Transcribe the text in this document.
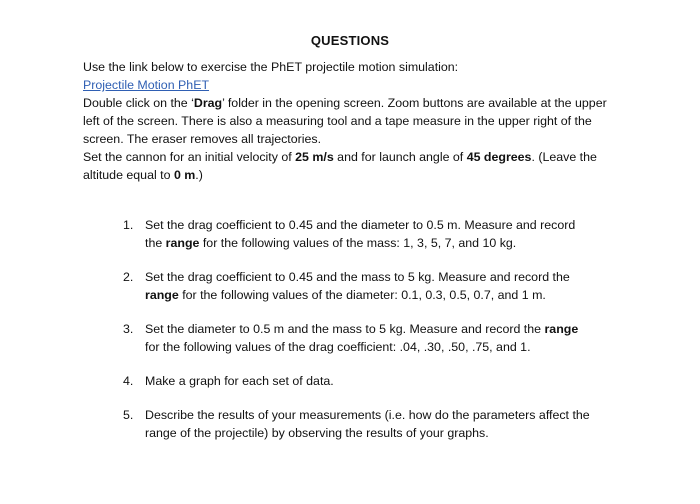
QUESTIONS

Use the link below to exercise the PhET projectile motion simulation:

Projectile Motion PhET

Double click on the ‘Drag’ folder in the opening screen. Zoom buttons are available at the upper left of the screen. There is also a measuring tool and a tape measure in the upper right of the screen. The eraser removes all trajectories.

Set the cannon for an initial velocity of 25 m/s and for launch angle of 45 degrees. (Leave the altitude equal to 0 m.)

1. Set the drag coefficient to 0.45 and the diameter to 0.5 m. Measure and record the range for the following values of the mass: 1, 3, 5, 7, and 10 kg.
2. Set the drag coefficient to 0.45 and the mass to 5 kg. Measure and record the range for the following values of the diameter: 0.1, 0.3, 0.5, 0.7, and 1 m.
3. Set the diameter to 0.5 m and the mass to 5 kg. Measure and record the range for the following values of the drag coefficient: .04, .30, .50, .75, and 1.
4. Make a graph for each set of data.
5. Describe the results of your measurements (i.e. how do the parameters affect the range of the projectile) by observing the results of your graphs.
